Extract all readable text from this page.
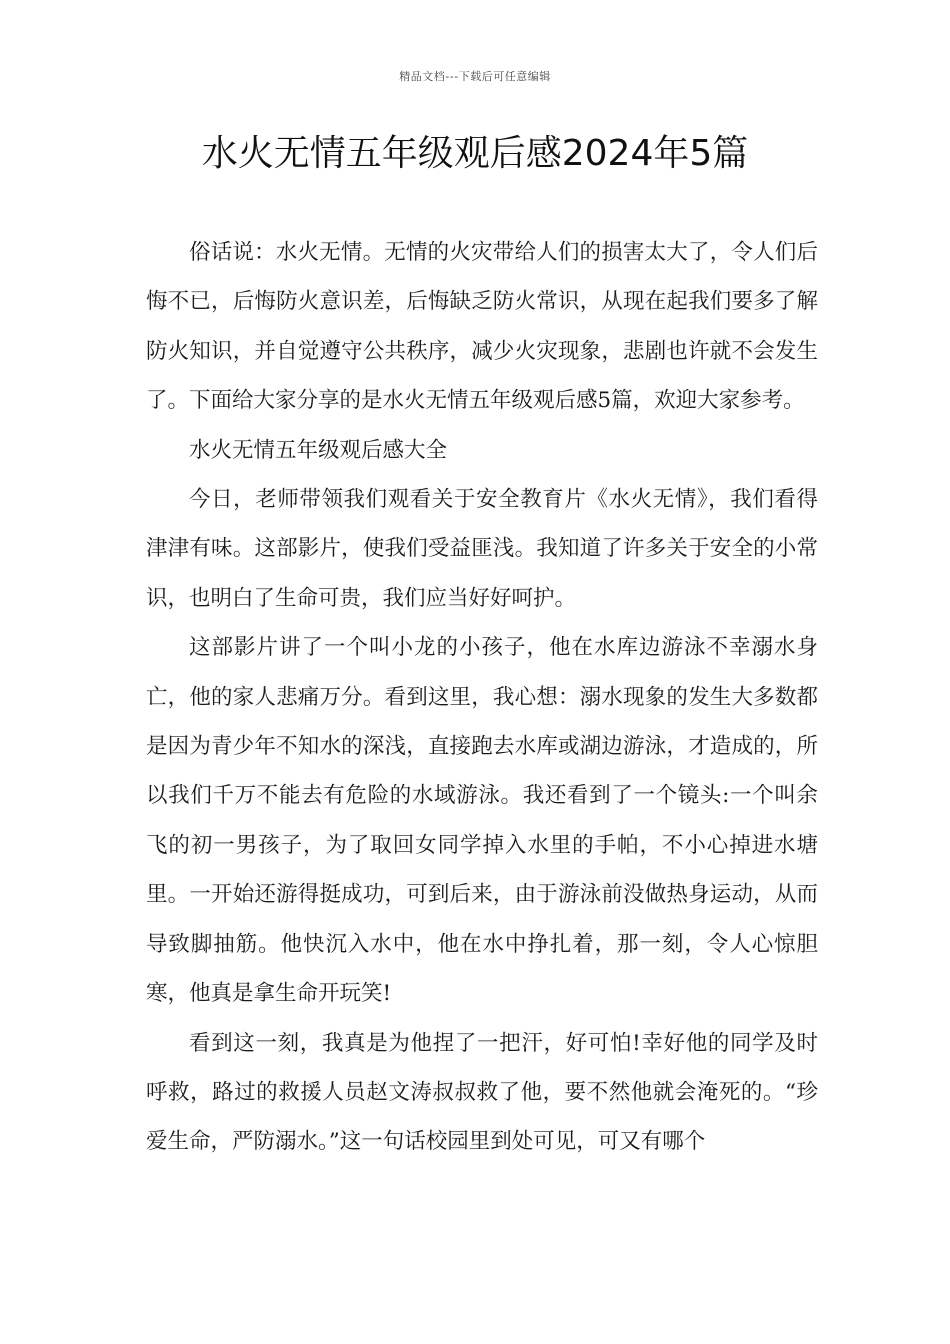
精品文档---下载后可任意编辑
水火无情五年级观后感2024年5篇

俗话说：水火无情。无情的火灾带给人们的损害太大了，令人们后悔不已，后悔防火意识差，后悔缺乏防火常识，从现在起我们要多了解防火知识，并自觉遵守公共秩序，减少火灾现象，悲剧也许就不会发生了。下面给大家分享的是水火无情五年级观后感5篇，欢迎大家参考。

水火无情五年级观后感大全

今日，老师带领我们观看关于安全教育片《水火无情》，我们看得津津有味。这部影片，使我们受益匪浅。我知道了许多关于安全的小常识，也明白了生命可贵，我们应当好好呵护。

这部影片讲了一个叫小龙的小孩子，他在水库边游泳不幸溺水身亡，他的家人悲痛万分。看到这里，我心想：溺水现象的发生大多数都是因为青少年不知水的深浅，直接跑去水库或湖边游泳，才造成的，所以我们千万不能去有危险的水域游泳。我还看到了一个镜头:一个叫余飞的初一男孩子，为了取回女同学掉入水里的手帕，不小心掉进水塘里。一开始还游得挺成功，可到后来，由于游泳前没做热身运动，从而导致脚抽筋。他快沉入水中，他在水中挣扎着，那一刻，令人心惊胆寒，他真是拿生命开玩笑!

看到这一刻，我真是为他捏了一把汗，好可怕!幸好他的同学及时呼救，路过的救援人员赵文涛叔叔救了他，要不然他就会淹死的。“珍爱生命，严防溺水。”这一句话校园里到处可见，可又有哪个
